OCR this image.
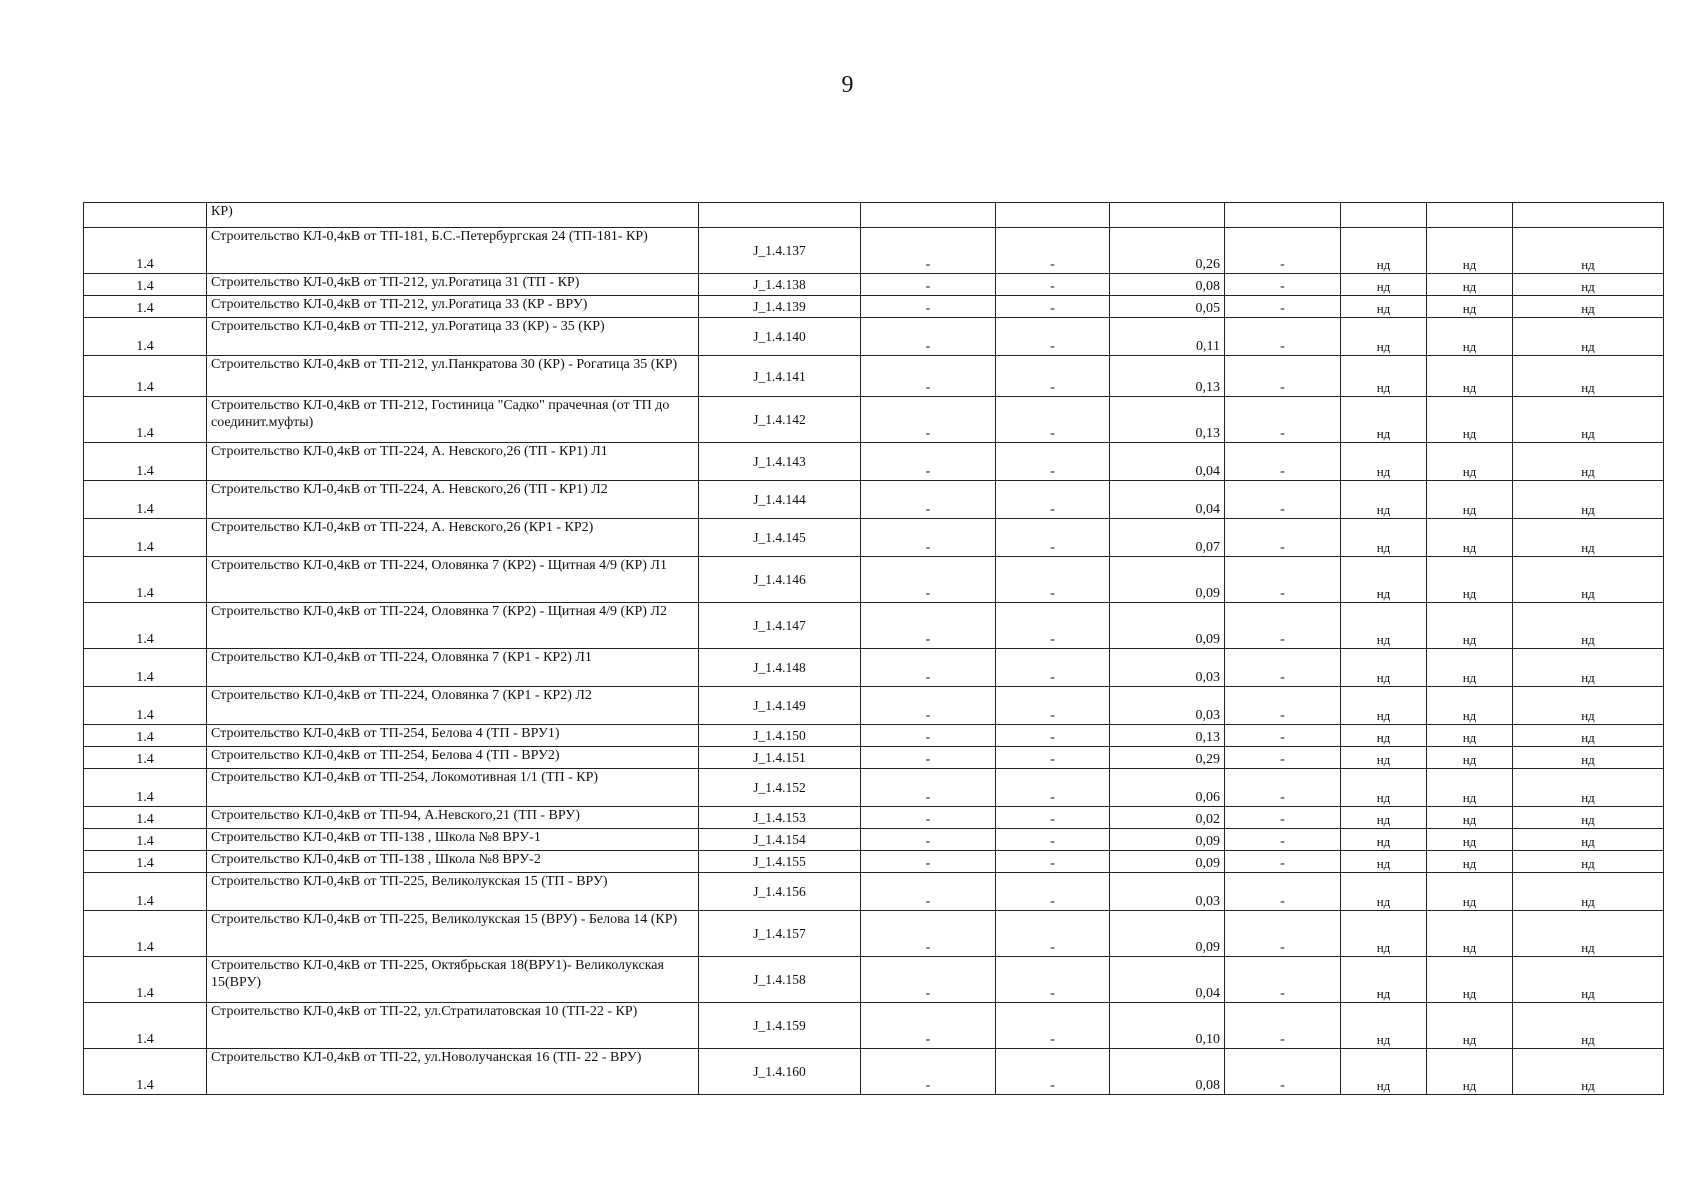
9
	КР)								
1.4	Строительство КЛ-0,4кВ от ТП-181, Б.С.-Петербургская 24 (ТП-181- КР)	J_1.4.137	-	-	0,26	-	нд	нд	нд
1.4	Строительство КЛ-0,4кВ от ТП-212, ул.Рогатица 31 (ТП - КР)	J_1.4.138	-	-	0,08	-	нд	нд	нд
1.4	Строительство КЛ-0,4кВ от ТП-212, ул.Рогатица 33 (КР - ВРУ)	J_1.4.139	-	-	0,05	-	нд	нд	нд
1.4	Строительство КЛ-0,4кВ от ТП-212, ул.Рогатица 33 (КР) - 35 (КР)	J_1.4.140	-	-	0,11	-	нд	нд	нд
1.4	Строительство КЛ-0,4кВ от ТП-212, ул.Панкратова 30 (КР) - Рогатица 35 (КР)	J_1.4.141	-	-	0,13	-	нд	нд	нд
1.4	Строительство КЛ-0,4кВ от ТП-212, Гостиница "Садко" прачечная (от ТП до соединит.муфты)	J_1.4.142	-	-	0,13	-	нд	нд	нд
1.4	Строительство КЛ-0,4кВ от ТП-224, А. Невского,26 (ТП - КР1) Л1	J_1.4.143	-	-	0,04	-	нд	нд	нд
1.4	Строительство КЛ-0,4кВ от ТП-224, А. Невского,26 (ТП - КР1) Л2	J_1.4.144	-	-	0,04	-	нд	нд	нд
1.4	Строительство КЛ-0,4кВ от ТП-224, А. Невского,26 (КР1 - КР2)	J_1.4.145	-	-	0,07	-	нд	нд	нд
1.4	Строительство КЛ-0,4кВ от ТП-224, Оловянка 7 (КР2) - Щитная 4/9 (КР) Л1	J_1.4.146	-	-	0,09	-	нд	нд	нд
1.4	Строительство КЛ-0,4кВ от ТП-224, Оловянка 7 (КР2) - Щитная 4/9 (КР) Л2	J_1.4.147	-	-	0,09	-	нд	нд	нд
1.4	Строительство КЛ-0,4кВ от ТП-224, Оловянка 7 (КР1 - КР2) Л1	J_1.4.148	-	-	0,03	-	нд	нд	нд
1.4	Строительство КЛ-0,4кВ от ТП-224, Оловянка 7 (КР1 - КР2) Л2	J_1.4.149	-	-	0,03	-	нд	нд	нд
1.4	Строительство КЛ-0,4кВ от ТП-254, Белова 4 (ТП - ВРУ1)	J_1.4.150	-	-	0,13	-	нд	нд	нд
1.4	Строительство КЛ-0,4кВ от ТП-254, Белова 4 (ТП - ВРУ2)	J_1.4.151	-	-	0,29	-	нд	нд	нд
1.4	Строительство КЛ-0,4кВ от ТП-254, Локомотивная 1/1 (ТП - КР)	J_1.4.152	-	-	0,06	-	нд	нд	нд
1.4	Строительство КЛ-0,4кВ от ТП-94, А.Невского,21 (ТП - ВРУ)	J_1.4.153	-	-	0,02	-	нд	нд	нд
1.4	Строительство КЛ-0,4кВ от ТП-138 , Школа №8 ВРУ-1	J_1.4.154	-	-	0,09	-	нд	нд	нд
1.4	Строительство КЛ-0,4кВ от ТП-138 , Школа №8 ВРУ-2	J_1.4.155	-	-	0,09	-	нд	нд	нд
1.4	Строительство КЛ-0,4кВ от ТП-225, Великолукская 15 (ТП - ВРУ)	J_1.4.156	-	-	0,03	-	нд	нд	нд
1.4	Строительство КЛ-0,4кВ от ТП-225, Великолукская 15 (ВРУ) - Белова 14 (КР)	J_1.4.157	-	-	0,09	-	нд	нд	нд
1.4	Строительство КЛ-0,4кВ от ТП-225, Октябрьская 18(ВРУ1)- Великолукская 15(ВРУ)	J_1.4.158	-	-	0,04	-	нд	нд	нд
1.4	Строительство КЛ-0,4кВ от ТП-22, ул.Стратилатовская 10 (ТП-22 - КР)	J_1.4.159	-	-	0,10	-	нд	нд	нд
1.4	Строительство КЛ-0,4кВ от ТП-22, ул.Новолучанская 16 (ТП- 22 - ВРУ)	J_1.4.160	-	-	0,08	-	нд	нд	нд
